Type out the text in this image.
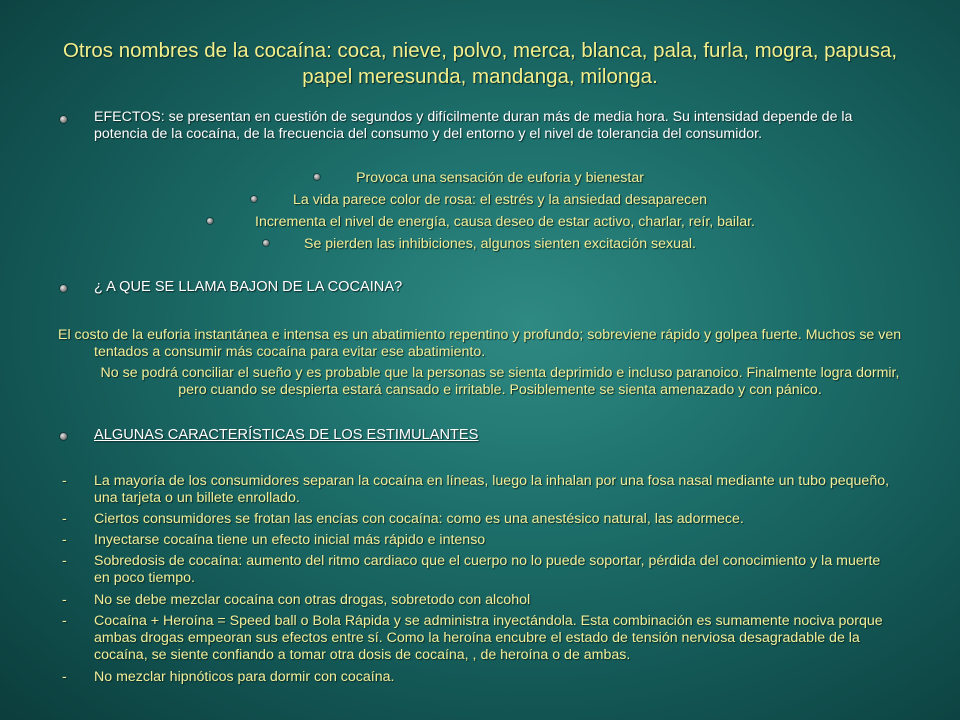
Otros nombres de la cocaína: coca, nieve, polvo, merca, blanca, pala, furla, mogra, papusa, papel meresunda, mandanga, milonga.
EFECTOS: se presentan en cuestión de segundos y difícilmente duran más de media hora. Su intensidad depende de la potencia de la cocaína, de la frecuencia del consumo y del entorno y el nivel de tolerancia del consumidor.
Provoca una sensación de euforia y bienestar
La vida parece color de rosa: el estrés y la ansiedad desaparecen
Incrementa el nivel de energía, causa deseo de estar activo, charlar, reír, bailar.
Se pierden las inhibiciones, algunos sienten excitación sexual.
¿ A QUE SE LLAMA BAJON DE LA COCAINA?
El costo de la euforia instantánea e intensa es un abatimiento repentino y profundo; sobreviene rápido y golpea fuerte. Muchos se ven tentados a consumir más cocaína para evitar ese abatimiento.
No se podrá conciliar el sueño y es probable que la personas se sienta deprimido e incluso paranoico. Finalmente logra dormir, pero cuando se despierta estará cansado e irritable. Posiblemente se sienta amenazado y con pánico.
ALGUNAS CARACTERÍSTICAS DE LOS ESTIMULANTES
- La mayoría de los consumidores separan la cocaína en líneas, luego la inhalan por una fosa nasal mediante un tubo pequeño, una tarjeta o un billete enrollado.
- Ciertos consumidores se frotan las encías con cocaína: como es una anestésico natural, las adormece.
- Inyectarse cocaína tiene un efecto inicial más rápido e intenso
- Sobredosis de cocaína: aumento del ritmo cardiaco que el cuerpo no lo puede soportar, pérdida del conocimiento y la muerte en poco tiempo.
- No se debe mezclar cocaína con otras drogas, sobretodo con alcohol
- Cocaína + Heroína = Speed ball o Bola Rápida y se administra inyectándola. Esta combinación es sumamente nociva porque ambas drogas empeoran sus efectos entre sí. Como la heroína encubre el estado de tensión nerviosa desagradable de la cocaína, se siente confiando a tomar otra dosis de cocaína, , de heroína o de ambas.
- No mezclar hipnóticos para dormir con cocaína.
